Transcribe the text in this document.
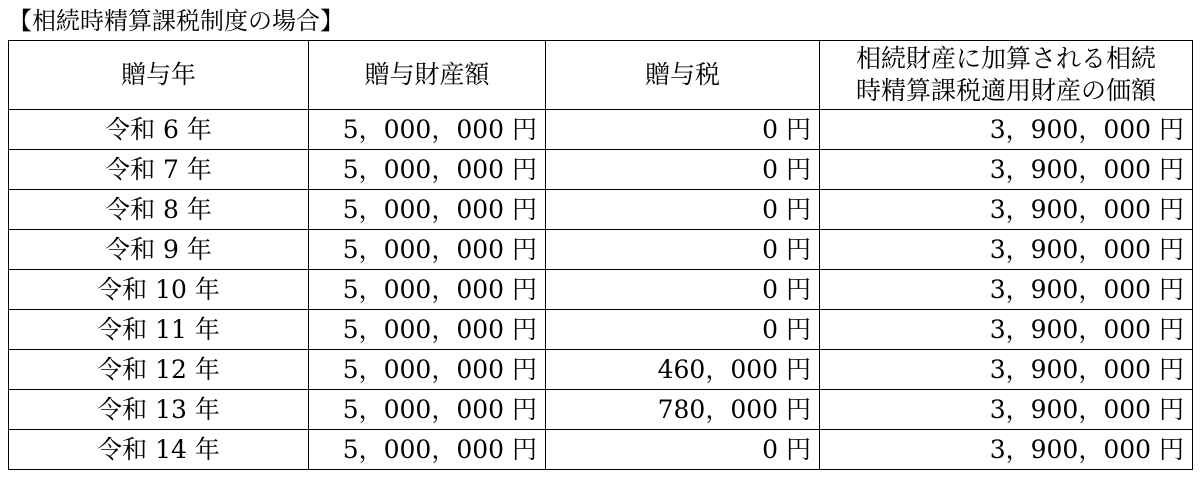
【相続時精算課税制度の場合】
贈与年	贈与財産額	贈与税	相続財産に加算される相続
時精算課税適用財産の価額

令和 6 年	5，000，000 円	0 円	3，900，000 円
令和 7 年	5，000，000 円	0 円	3，900，000 円
令和 8 年	5，000，000 円	0 円	3，900，000 円
令和 9 年	5，000，000 円	0 円	3，900，000 円
令和 10 年	5，000，000 円	0 円	3，900，000 円
令和 11 年	5，000，000 円	0 円	3，900，000 円
令和 12 年	5，000，000 円	460，000 円	3，900，000 円
令和 13 年	5，000，000 円	780，000 円	3，900，000 円
令和 14 年	5，000，000 円	0 円	3，900，000 円
